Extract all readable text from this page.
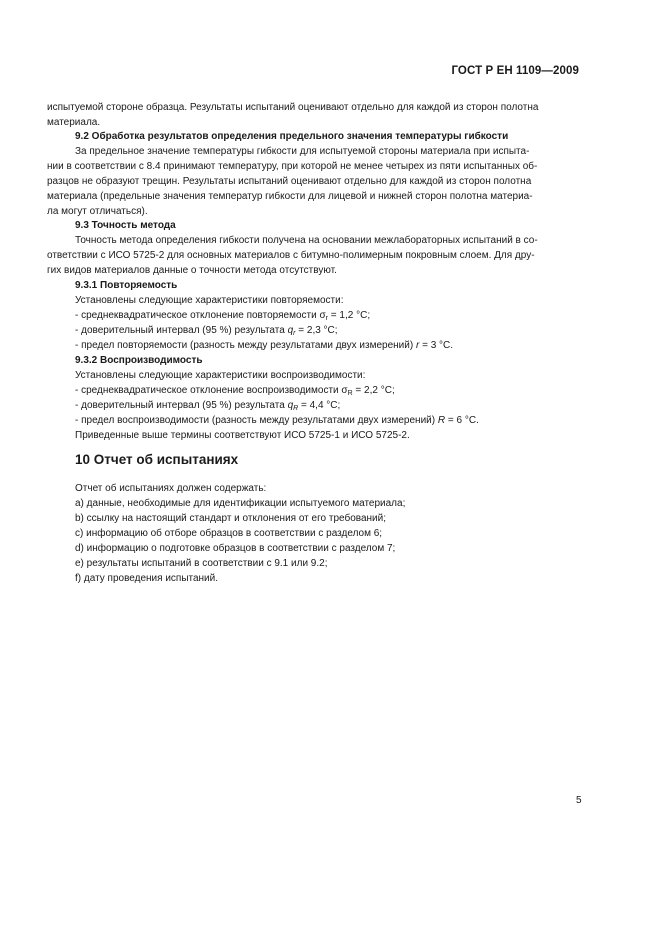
ГОСТ Р ЕН 1109—2009
испытуемой стороне образца. Результаты испытаний оценивают отдельно для каждой из сторон полотна
материала.
9.2 Обработка результатов определения предельного значения температуры гибкости
За предельное значение температуры гибкости для испытуемой стороны материала при испыта-
нии в соответствии с 8.4 принимают температуру, при которой не менее четырех из пяти испытанных об-
разцов не образуют трещин. Результаты испытаний оценивают отдельно для каждой из сторон полотна
материала (предельные значения температур гибкости для лицевой и нижней сторон полотна материа-
ла могут отличаться).
9.3 Точность метода
Точность метода определения гибкости получена на основании межлабораторных испытаний в со-
ответствии с ИСО 5725-2 для основных материалов с битумно-полимерным покровным слоем. Для дру-
гих видов материалов данные о точности метода отсутствуют.
9.3.1 Повторяемость
Установлены следующие характеристики повторяемости:
- среднеквадратическое отклонение повторяемости $\sigma_r = 1,2$ °C;
- доверительный интервал (95 %) результата $q_r = 2,3$ °C;
- предел повторяемости (разность между результатами двух измерений) r = 3 °C.
9.3.2 Воспроизводимость
Установлены следующие характеристики воспроизводимости:
- среднеквадратическое отклонение воспроизводимости $\sigma_R = 2,2$ °C;
- доверительный интервал (95 %) результата $q_R = 4,4$ °C;
- предел воспроизводимости (разность между результатами двух измерений) R = 6 °C.
Приведенные выше термины соответствуют ИСО 5725-1 и ИСО 5725-2.
10 Отчет об испытаниях
Отчет об испытаниях должен содержать:
a) данные, необходимые для идентификации испытуемого материала;
b) ссылку на настоящий стандарт и отклонения от его требований;
c) информацию об отборе образцов в соответствии с разделом 6;
d) информацию о подготовке образцов в соответствии с разделом 7;
e) результаты испытаний в соответствии с 9.1 или 9.2;
f) дату проведения испытаний.
5
